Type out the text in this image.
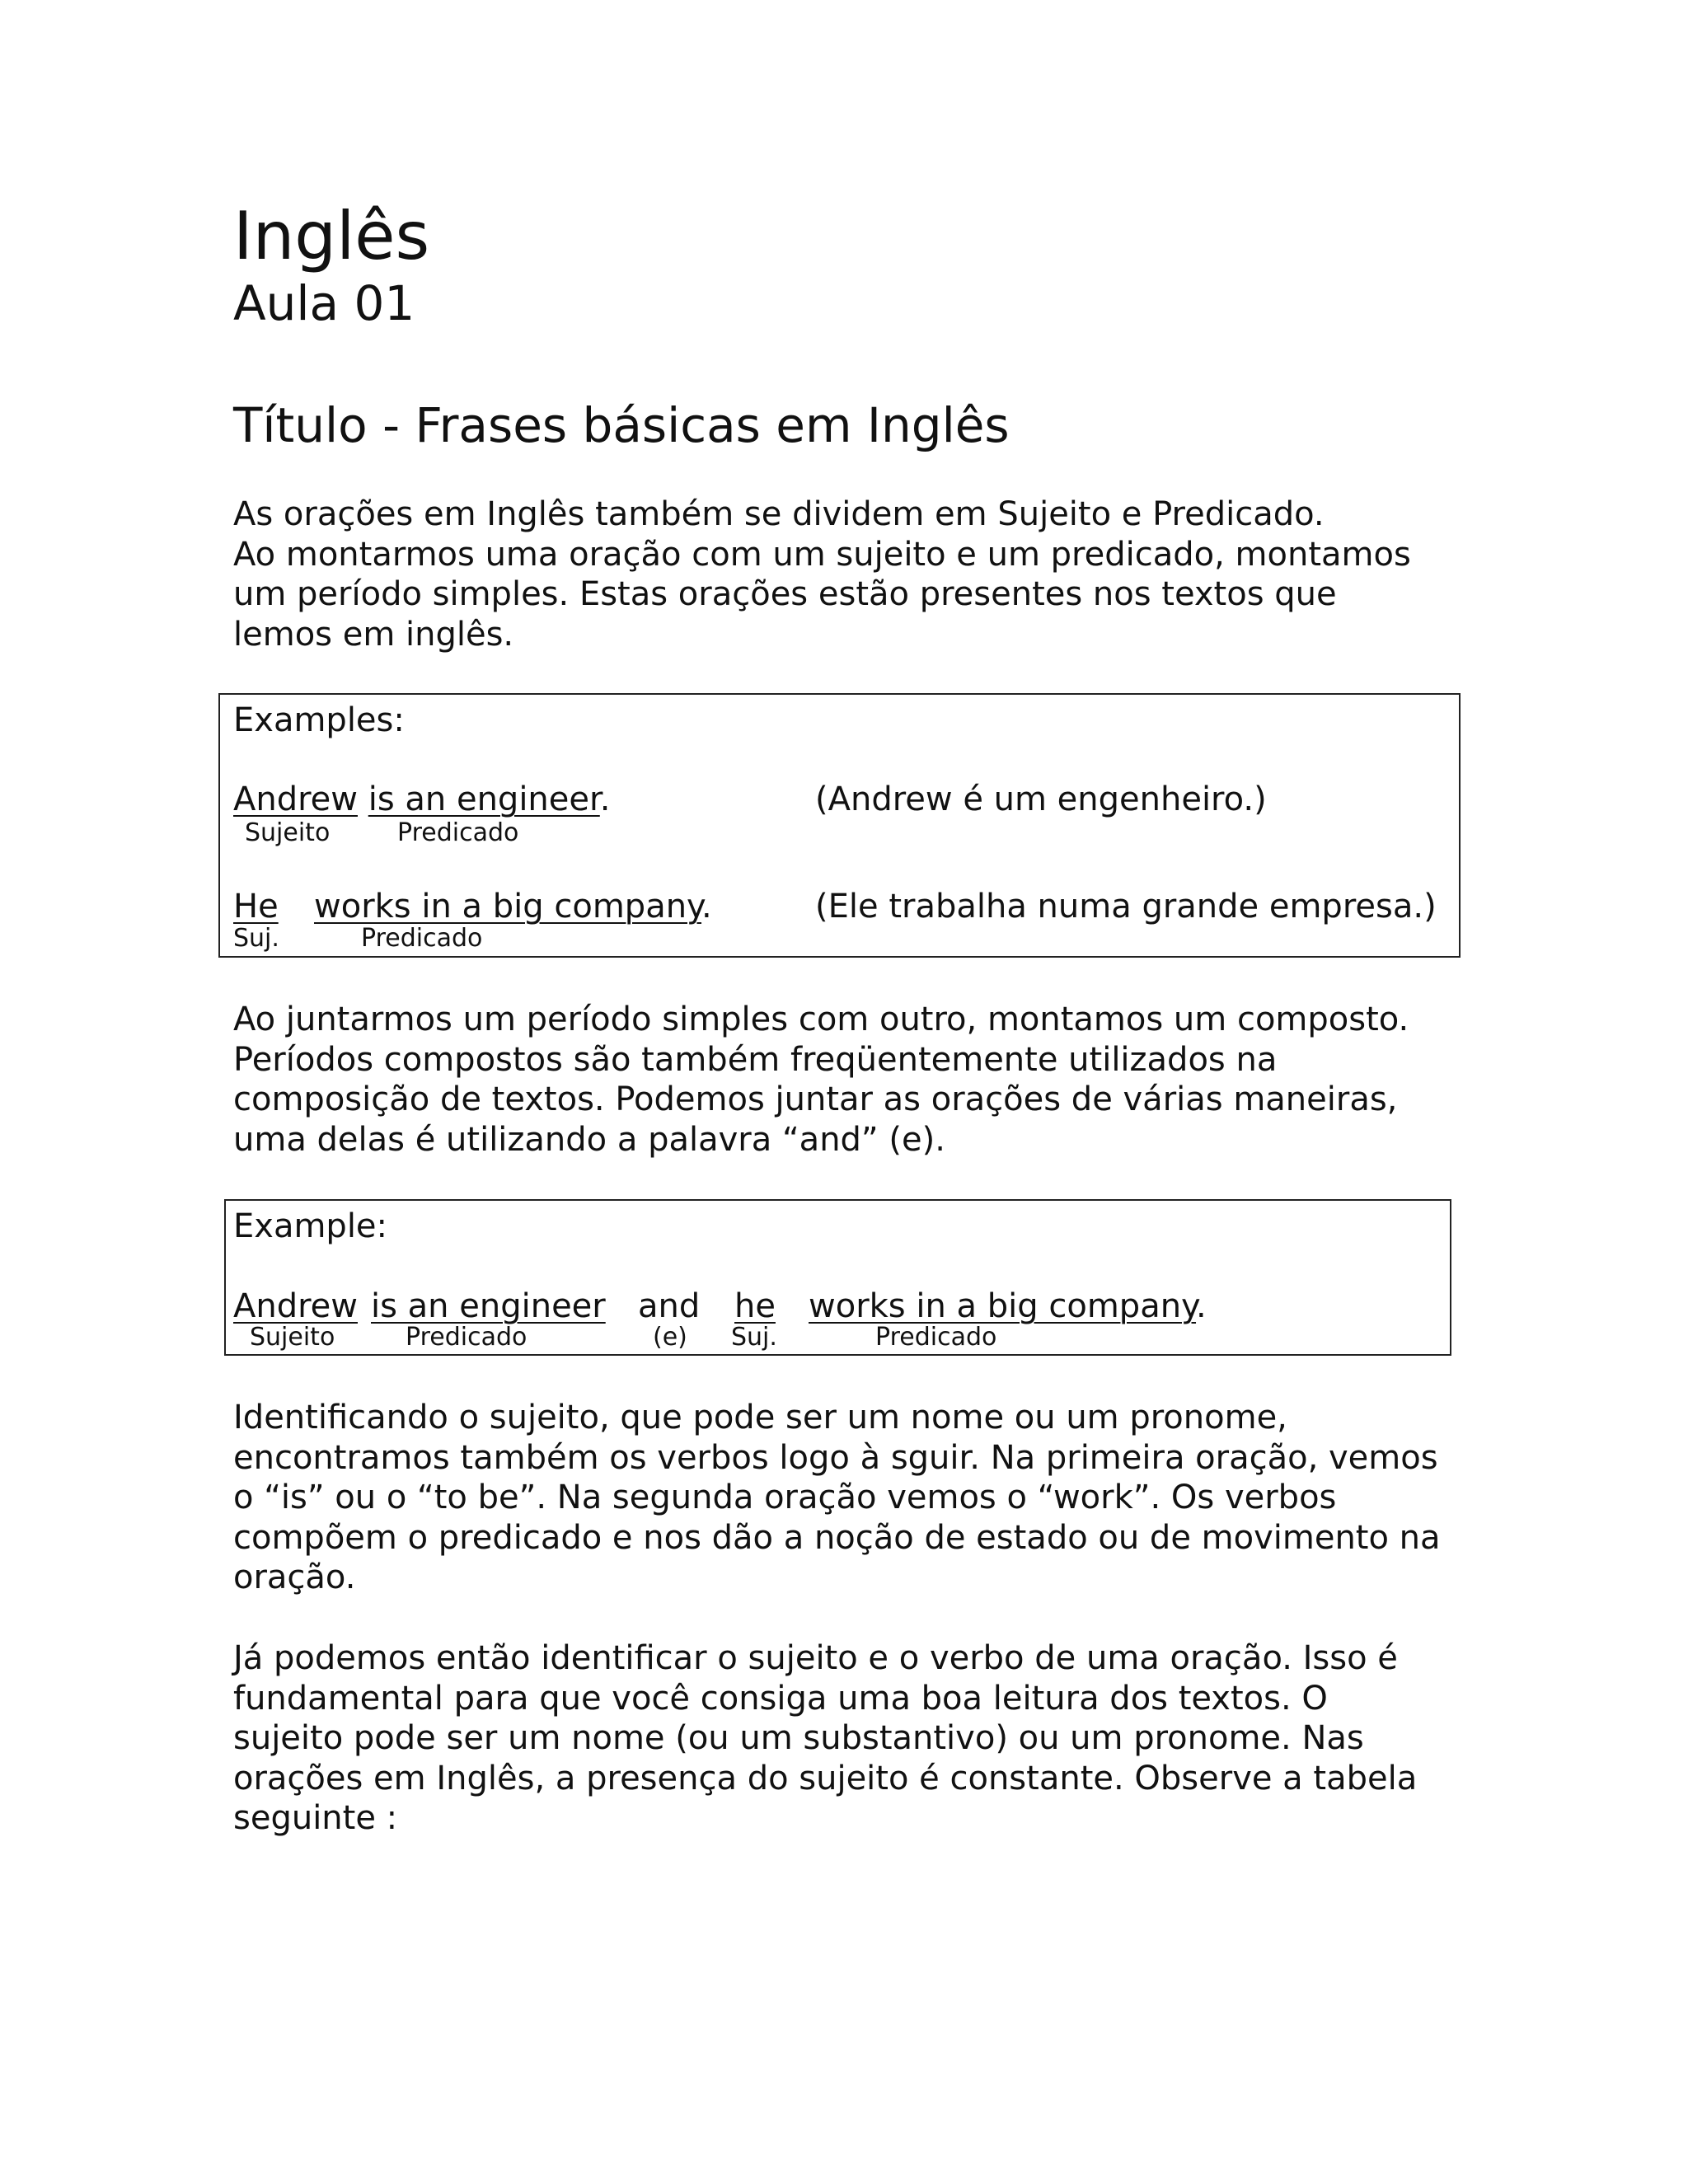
Inglês
Aula 01
Título - Frases básicas em Inglês
As orações em Inglês também se dividem em Sujeito e Predicado.
Ao montarmos uma oração com um sujeito e um predicado, montamos
um período simples. Estas orações estão presentes nos textos que
lemos em inglês.
Examples:
Andrew is an engineer.	(Andrew é um engenheiro.)
Sujeito	Predicado
He works in a big company.	(Ele trabalha numa grande empresa.)
Suj.	Predicado
Ao juntarmos um período simples com outro, montamos um composto.
Períodos compostos são também freqüentemente utilizados na
composição de textos. Podemos juntar as orações de várias maneiras,
uma delas é utilizando a palavra “and” (e).
Example:
Andrew is an engineer and he works in a big company.
Sujeito	Predicado	(e) Suj.	Predicado
Identificando o sujeito, que pode ser um nome ou um pronome,
encontramos também os verbos logo à sguir. Na primeira oração, vemos
o “is” ou o “to be”. Na segunda oração vemos o “work”. Os verbos
compõem o predicado e nos dão a noção de estado ou de movimento na
oração.
Já podemos então identificar o sujeito e o verbo de uma oração. Isso é
fundamental para que você consiga uma boa leitura dos textos. O
sujeito pode ser um nome (ou um substantivo) ou um pronome. Nas
orações em Inglês, a presença do sujeito é constante. Observe a tabela
seguinte :
